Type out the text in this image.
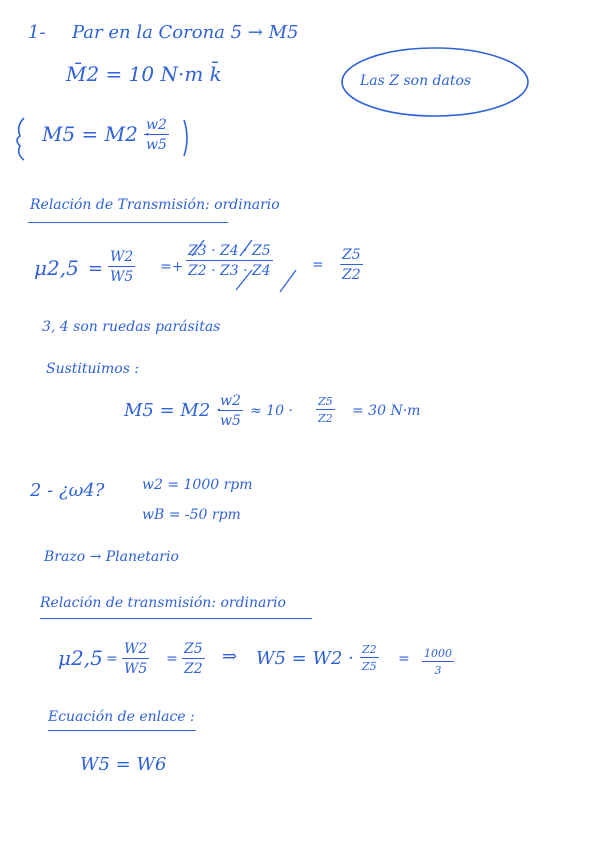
1- Par en la Corona 5 → M5
M̄2 = 10 N·m k̄	Las Z son datos
M5 = M2 ·
$\frac{w2}{w5}$
Relación de Transmisión: ordinario
$\mu 2,5 = \frac{W2}{W5} =+ \frac{Z3 \cdot Z4 \cdot Z5}{Z2 \cdot Z3 \cdot Z4}$	= $\frac{Z5}{Z2}$
3, 4 son ruedas parásitas
Sustituimos :
M5 = M2 ·
$\frac{w2}{w5} \approx 10 \cdot \frac{Z5}{Z2} = 30$ N·m
2 - ¿ω4?	w2 = 1000 rpm
wB = -50 rpm
Brazo → Planetario
Relación de transmisión: ordinario
$\mu 2,5 = \frac{W2}{W5} = \frac{Z5}{Z2}$ ⇒ $W5 = W2 \cdot \frac{Z2}{Z5} = \frac{1000}{3}$
Ecuación de enlace :
W5 = W6
